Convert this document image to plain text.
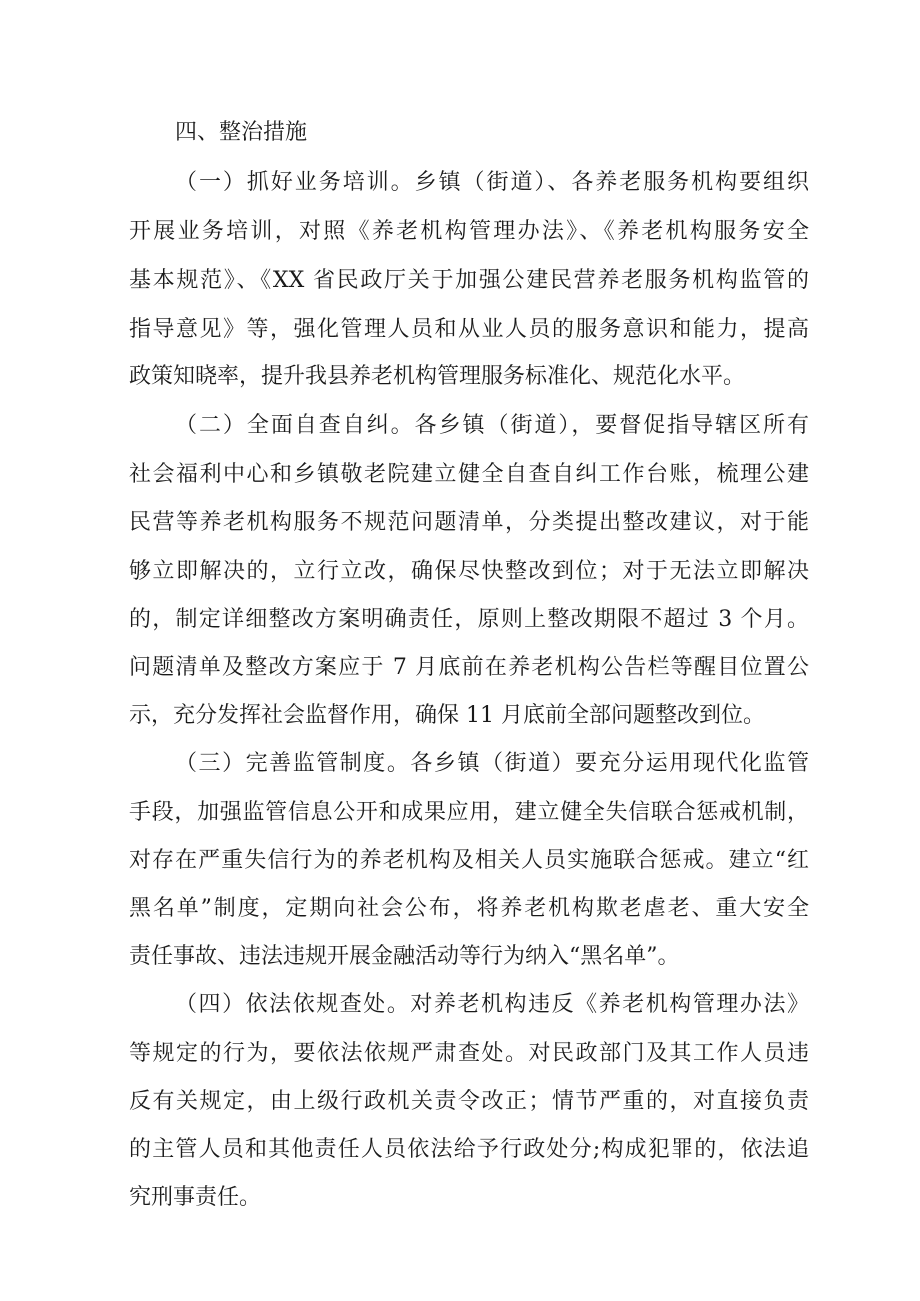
四、整治措施
（一）抓好业务培训。乡镇（街道）、各养老服务机构要组织
开展业务培训，对照《养老机构管理办法》、《养老机构服务安全
基本规范》、《XX 省民政厅关于加强公建民营养老服务机构监管的
指导意见》等，强化管理人员和从业人员的服务意识和能力，提高
政策知晓率，提升我县养老机构管理服务标准化、规范化水平。
（二）全面自查自纠。各乡镇（街道），要督促指导辖区所有
社会福利中心和乡镇敬老院建立健全自查自纠工作台账，梳理公建
民营等养老机构服务不规范问题清单，分类提出整改建议，对于能
够立即解决的，立行立改，确保尽快整改到位；对于无法立即解决
的，制定详细整改方案明确责任，原则上整改期限不超过 3 个月。
问题清单及整改方案应于 7 月底前在养老机构公告栏等醒目位置公
示，充分发挥社会监督作用，确保 11 月底前全部问题整改到位。
（三）完善监管制度。各乡镇（街道）要充分运用现代化监管
手段，加强监管信息公开和成果应用，建立健全失信联合惩戒机制，
对存在严重失信行为的养老机构及相关人员实施联合惩戒。建立“红
黑名单”制度，定期向社会公布，将养老机构欺老虐老、重大安全
责任事故、违法违规开展金融活动等行为纳入“黑名单”。
（四）依法依规查处。对养老机构违反《养老机构管理办法》
等规定的行为，要依法依规严肃查处。对民政部门及其工作人员违
反有关规定，由上级行政机关责令改正；情节严重的，对直接负责
的主管人员和其他责任人员依法给予行政处分;构成犯罪的，依法追
究刑事责任。
